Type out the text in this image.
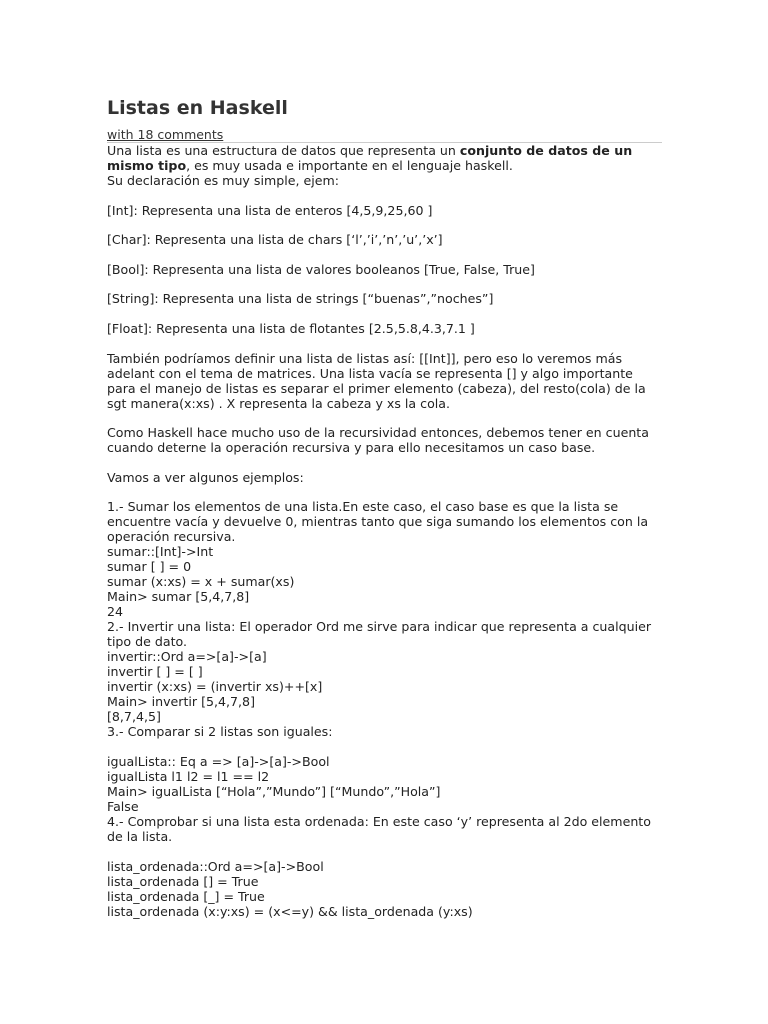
Listas en Haskell
with 18 comments

Una lista es una estructura de datos que representa un conjunto de datos de un mismo tipo, es muy usada e importante en el lenguaje haskell.

Su declaración es muy simple, ejem:

[Int]: Representa una lista de enteros [4,5,9,25,60 ]

[Char]: Representa una lista de chars [‘l’,’i’,’n’,’u’,’x’]

[Bool]: Representa una lista de valores booleanos [True, False, True]

[String]: Representa una lista de strings [“buenas”,”noches”]

[Float]: Representa una lista de flotantes [2.5,5.8,4.3,7.1 ]

También podríamos definir una lista de listas así: [[Int]], pero eso lo veremos más adelant con el tema de matrices. Una lista vacía se representa [] y algo importante para el manejo de listas es separar el primer elemento (cabeza), del resto(cola) de la sgt manera(x:xs) . X representa la cabeza y xs la cola.

Como Haskell hace mucho uso de la recursividad entonces, debemos tener en cuenta cuando deterne la operación recursiva y para ello necesitamos un caso base.

Vamos a ver algunos ejemplos:

1.- Sumar los elementos de una lista.En este caso, el caso base es que la lista se encuentre vacía y devuelve 0, mientras tanto que siga sumando los elementos con la operación recursiva.

sumar::[Int]->Int

sumar [ ] = 0

sumar (x:xs) = x + sumar(xs)

Main> sumar [5,4,7,8]

24

2.- Invertir una lista: El operador Ord me sirve para indicar que representa a cualquier tipo de dato.

invertir::Ord a=>[a]->[a]

invertir [ ] = [ ]

invertir (x:xs) = (invertir xs)++[x]

Main> invertir [5,4,7,8]

[8,7,4,5]

3.- Comparar si 2 listas son iguales:

igualLista:: Eq a => [a]->[a]->Bool

igualLista l1 l2 = l1 == l2

Main> igualLista [“Hola”,”Mundo”] [“Mundo”,”Hola”]

False

4.- Comprobar si una lista esta ordenada: En este caso ‘y’ representa al 2do elemento de la lista.

lista_ordenada::Ord a=>[a]->Bool

lista_ordenada [] = True

lista_ordenada [_] = True

lista_ordenada (x:y:xs) = (x<=y) && lista_ordenada (y:xs)
